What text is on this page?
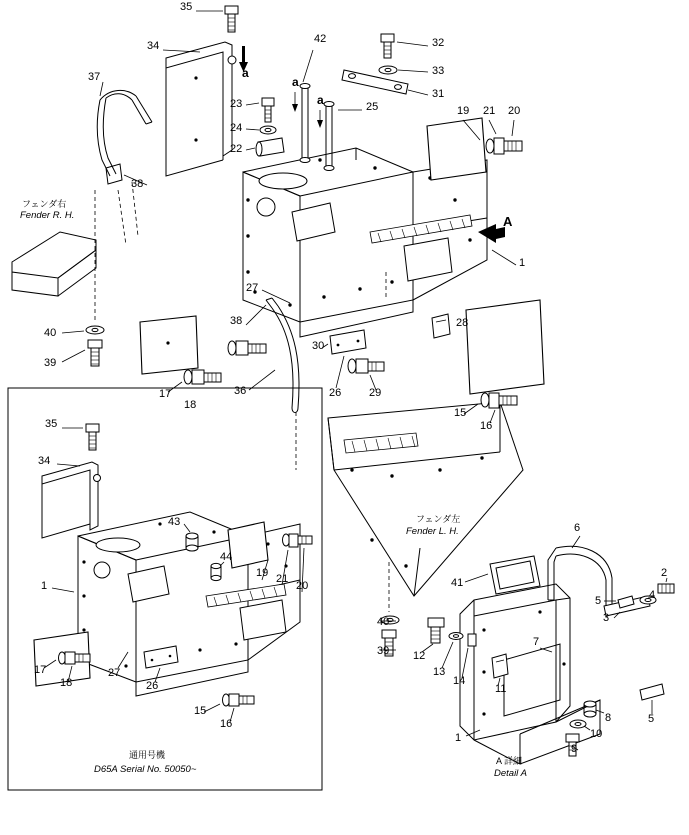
35
34
37
38
42	32
33
31
23	25
24
22
19 21 20
A
1
27
28
38
30
29
26
36
17
18
15
16
40
39
35
34
43
44
19 21
20
1
27
17
18	26
15
16
41
6
2
4
5
3
7
40
39 12
13
14
11
8
10
9
5
1
a
a
a
フェンダ右
Fender R. H.
フェンダ左
Fender L. H.
A 詳細
Detail A
通用号機
D65A Serial No. 50050~
